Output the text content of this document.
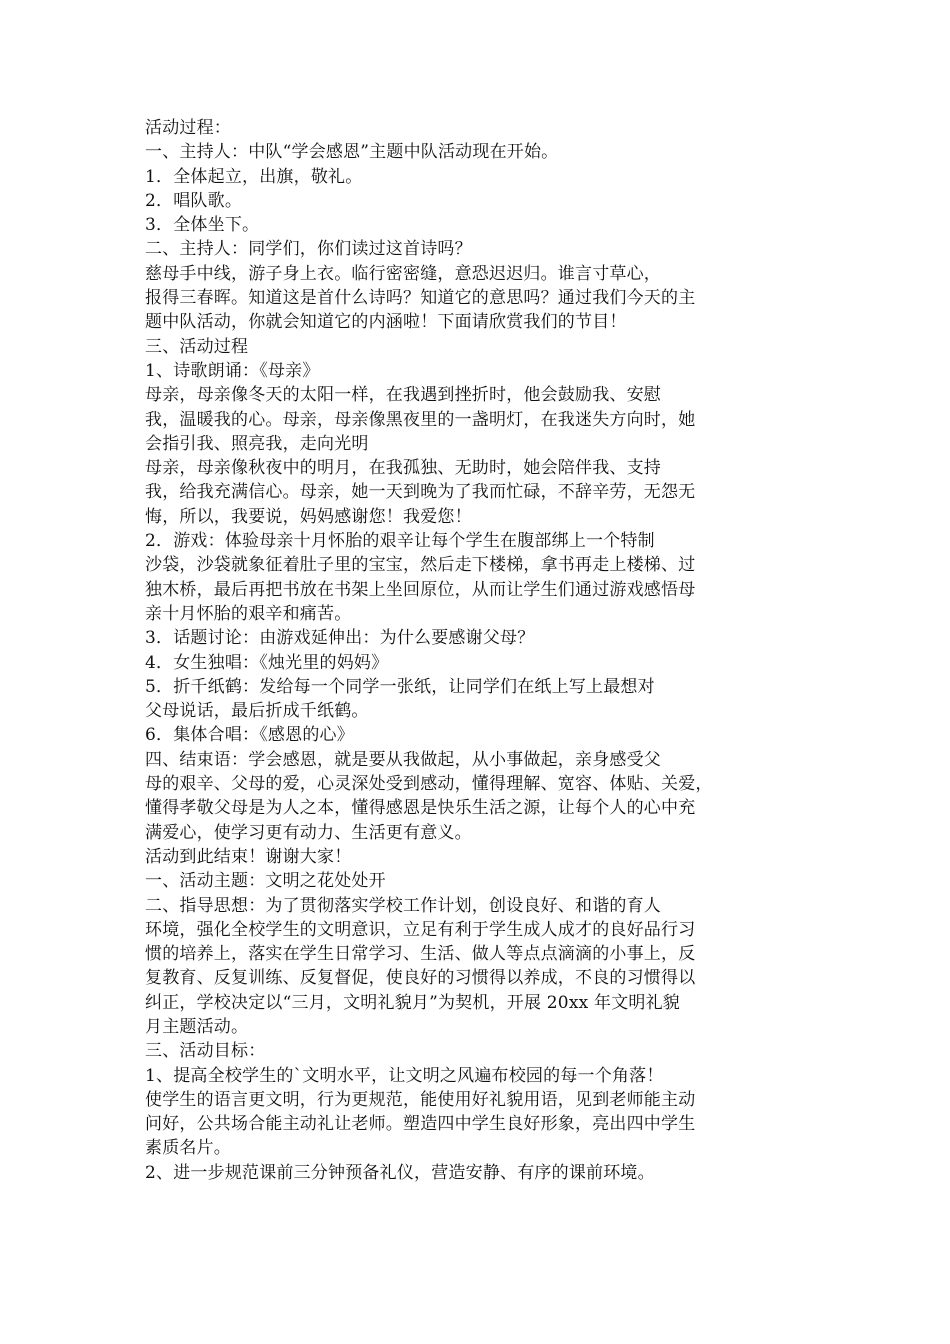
活动过程：
一、主持人：中队“学会感恩”主题中队活动现在开始。
1．全体起立，出旗，敬礼。
2．唱队歌。
3．全体坐下。
二、主持人：同学们，你们读过这首诗吗？
慈母手中线，游子身上衣。临行密密缝，意恐迟迟归。谁言寸草心，
报得三春晖。知道这是首什么诗吗？知道它的意思吗？通过我们今天的主
题中队活动，你就会知道它的内涵啦！下面请欣赏我们的节目！
三、活动过程
1、诗歌朗诵：《母亲》
母亲，母亲像冬天的太阳一样，在我遇到挫折时，他会鼓励我、安慰
我，温暖我的心。母亲，母亲像黑夜里的一盏明灯，在我迷失方向时，她
会指引我、照亮我，走向光明
母亲，母亲像秋夜中的明月，在我孤独、无助时，她会陪伴我、支持
我，给我充满信心。母亲，她一天到晚为了我而忙碌，不辞辛劳，无怨无
悔，所以，我要说，妈妈感谢您！我爱您！
2．游戏：体验母亲十月怀胎的艰辛让每个学生在腹部绑上一个特制
沙袋，沙袋就象征着肚子里的宝宝，然后走下楼梯，拿书再走上楼梯、过
独木桥，最后再把书放在书架上坐回原位，从而让学生们通过游戏感悟母
亲十月怀胎的艰辛和痛苦。
3．话题讨论：由游戏延伸出：为什么要感谢父母？
4．女生独唱：《烛光里的妈妈》
5．折千纸鹤：发给每一个同学一张纸，让同学们在纸上写上最想对
父母说话，最后折成千纸鹤。
6．集体合唱：《感恩的心》
四、结束语：学会感恩，就是要从我做起，从小事做起，亲身感受父
母的艰辛、父母的爱，心灵深处受到感动，懂得理解、宽容、体贴、关爱，
懂得孝敬父母是为人之本，懂得感恩是快乐生活之源，让每个人的心中充
满爱心，使学习更有动力、生活更有意义。
活动到此结束！谢谢大家！
一、活动主题：文明之花处处开
二、指导思想：为了贯彻落实学校工作计划，创设良好、和谐的育人
环境，强化全校学生的文明意识，立足有利于学生成人成才的良好品行习
惯的培养上，落实在学生日常学习、生活、做人等点点滴滴的小事上，反
复教育、反复训练、反复督促，使良好的习惯得以养成，不良的习惯得以
纠正，学校决定以“三月，文明礼貌月”为契机，开展 20xx 年文明礼貌
月主题活动。
三、活动目标：
1、提高全校学生的`文明水平，让文明之风遍布校园的每一个角落！
使学生的语言更文明，行为更规范，能使用好礼貌用语，见到老师能主动
问好，公共场合能主动礼让老师。塑造四中学生良好形象，亮出四中学生
素质名片。
2、进一步规范课前三分钟预备礼仪，营造安静、有序的课前环境。
